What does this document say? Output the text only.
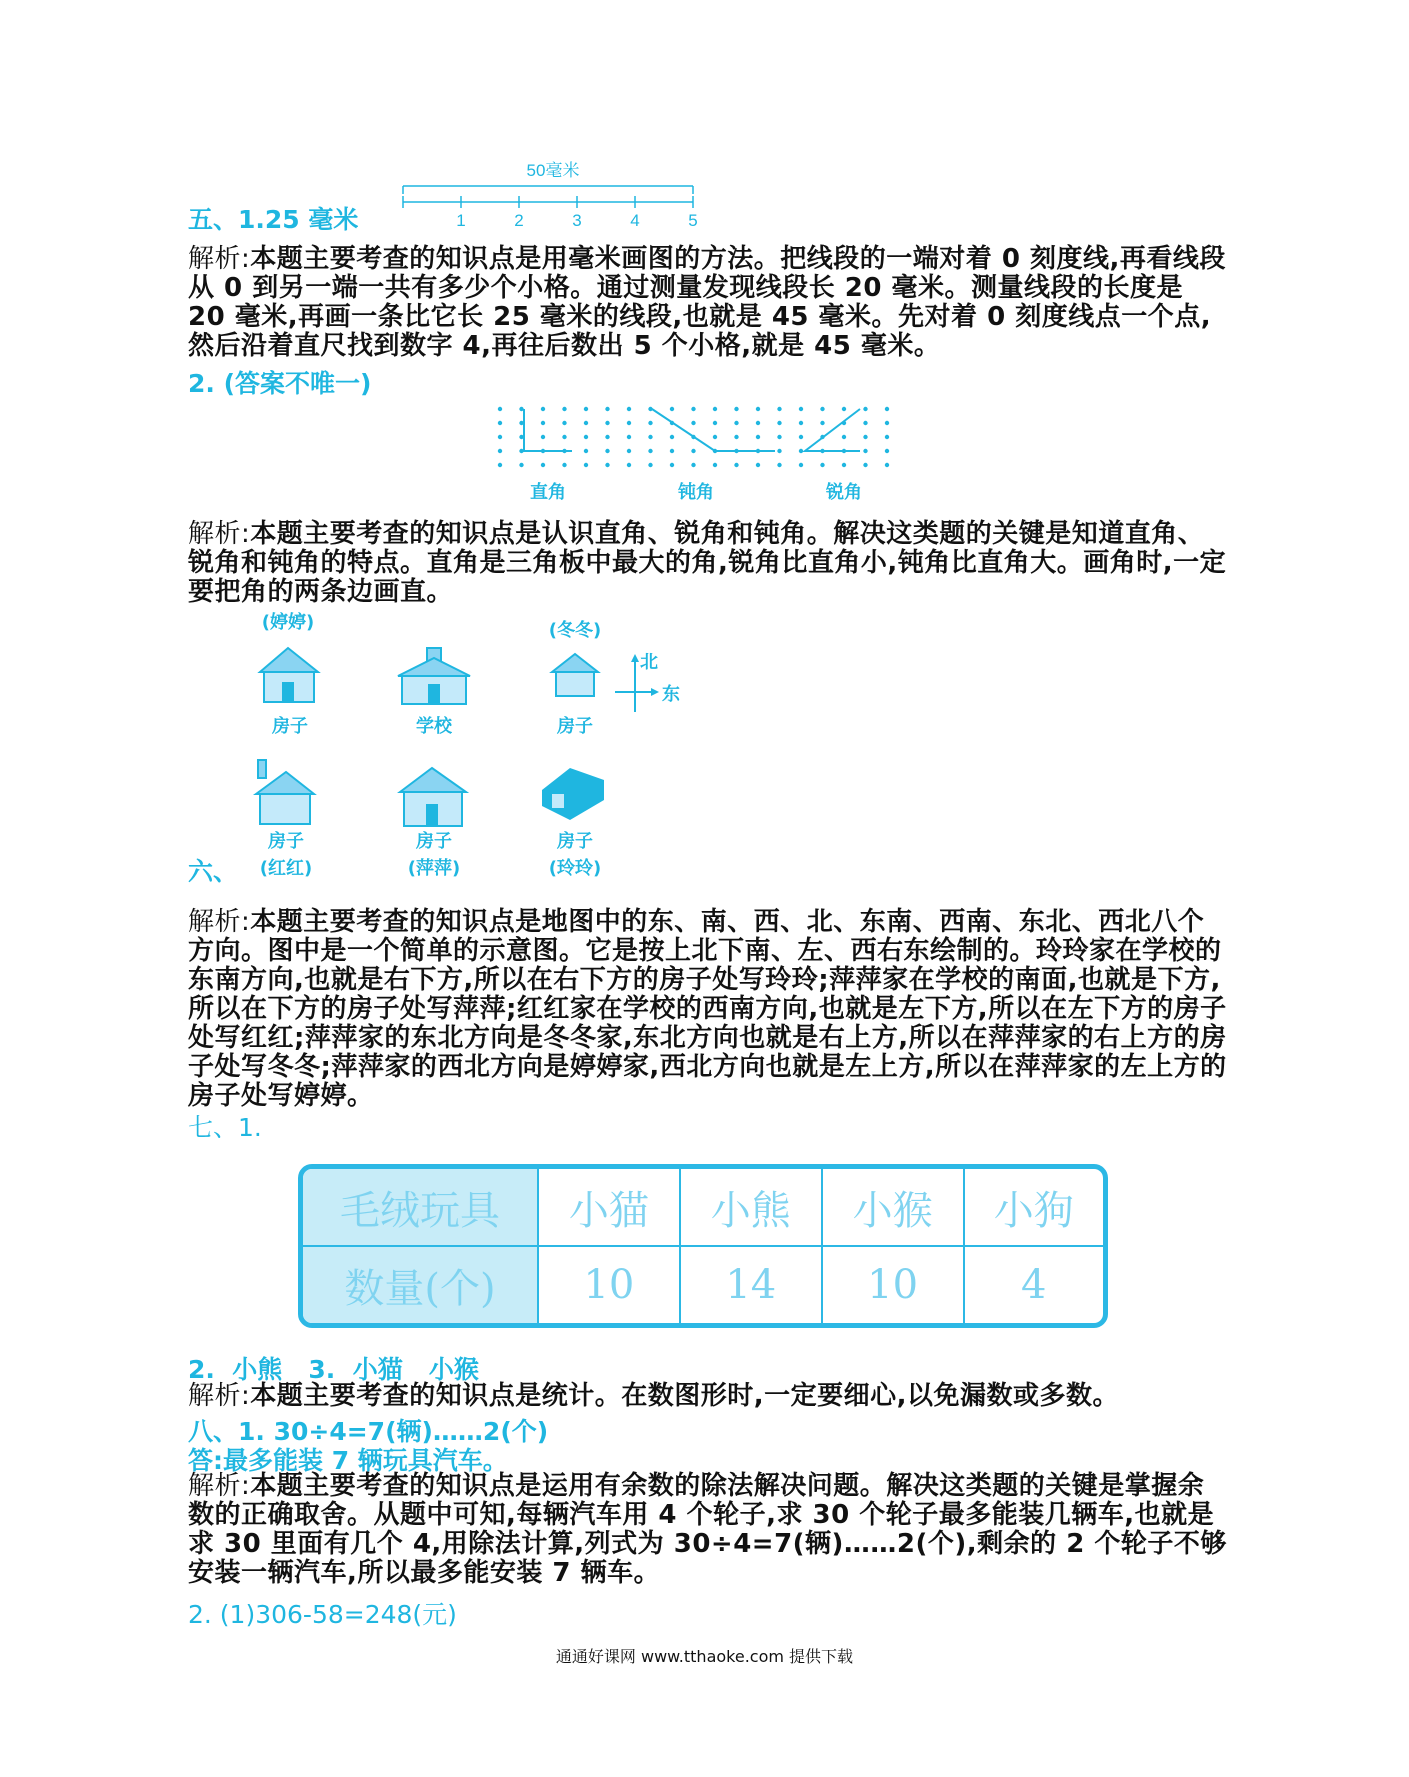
五、1.25 毫米
50毫米
1	2	3	4	5
解析:本题主要考查的知识点是用毫米画图的方法。把线段的一端对着 0 刻度线,再看线段从 0 到另一端一共有多少个小格。通过测量发现线段长 20 毫米。测量线段的长度是 20 毫米,再画一条比它长 25 毫米的线段,也就是 45 毫米。先对着 0 刻度线点一个点,然后沿着直尺找到数字 4,再往后数出 5 个小格,就是 45 毫米。
2. (答案不唯一)
直角	钝角	锐角
解析:本题主要考查的知识点是认识直角、锐角和钝角。解决这类题的关键是知道直角、锐角和钝角的特点。直角是三角板中最大的角,锐角比直角小,钝角比直角大。画角时,一定要把角的两条边画直。
(婷婷)	(冬冬)
北
东
房子	学校	房子
房子	房子	房子
(红红)	(萍萍)	(玲玲)
六、
解析:本题主要考查的知识点是地图中的东、南、西、北、东南、西南、东北、西北八个方向。图中是一个简单的示意图。它是按上北下南、左、西右东绘制的。玲玲家在学校的东南方向,也就是右下方,所以在右下方的房子处写玲玲;萍萍家在学校的南面,也就是下方,所以在下方的房子处写萍萍;红红家在学校的西南方向,也就是左下方,所以在左下方的房子处写红红;萍萍家的东北方向是冬冬家,东北方向也就是右上方,所以在萍萍家的右上方的房子处写冬冬;萍萍家的西北方向是婷婷家,西北方向也就是左上方,所以在萍萍家的左上方的房子处写婷婷。
七、1.
毛绒玩具	小猫	小熊	小猴	小狗
数量(个)	10	14	10	4
2.  小熊   3.  小猫   小猴
解析:本题主要考查的知识点是统计。在数图形时,一定要细心,以免漏数或多数。
八、1. 30÷4=7(辆)……2(个)
答:最多能装 7 辆玩具汽车。
解析:本题主要考查的知识点是运用有余数的除法解决问题。解决这类题的关键是掌握余数的正确取舍。从题中可知,每辆汽车用 4 个轮子,求 30 个轮子最多能装几辆车,也就是求 30 里面有几个 4,用除法计算,列式为 30÷4=7(辆)……2(个),剩余的 2 个轮子不够安装一辆汽车,所以最多能安装 7 辆车。
2. (1)306-58=248(元)
通通好课网 www.tthaoke.com 提供下载
